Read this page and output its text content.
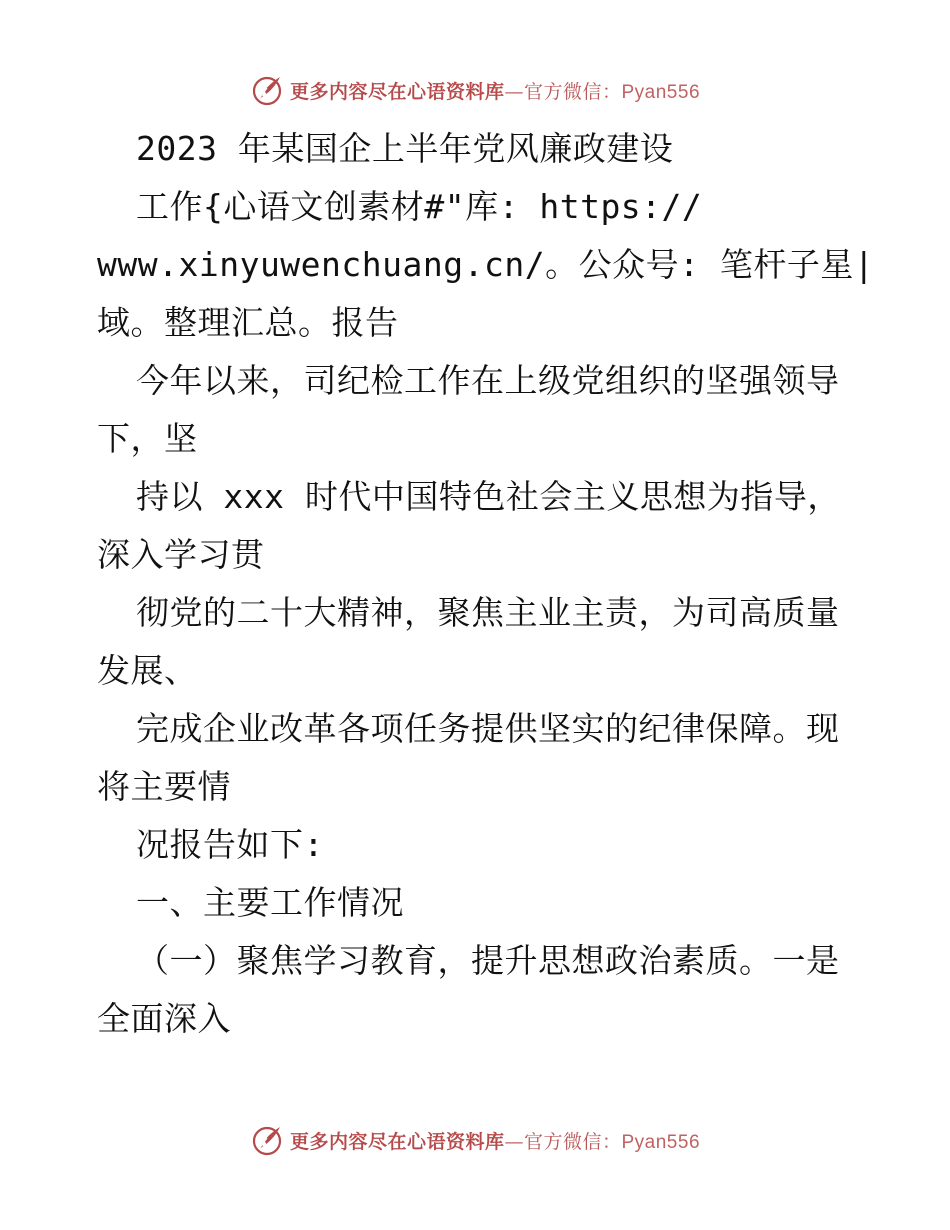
更多内容尽在心语资料库—官方微信：Pyan556
2023 年某国企上半年党风廉政建设
工作{心语文创素材#"库: https://
www.xinyuwenchuang.cn/。公众号: 笔杆子星|
域。整理汇总。报告
今年以来，司纪检工作在上级党组织的坚强领导
下，坚
持以 xxx 时代中国特色社会主义思想为指导，
深入学习贯
彻党的二十大精神，聚焦主业主责，为司高质量
发展、
完成企业改革各项任务提供坚实的纪律保障。现
将主要情
况报告如下:
一、主要工作情况
（一）聚焦学习教育，提升思想政治素质。一是
全面深入
更多内容尽在心语资料库—官方微信：Pyan556
